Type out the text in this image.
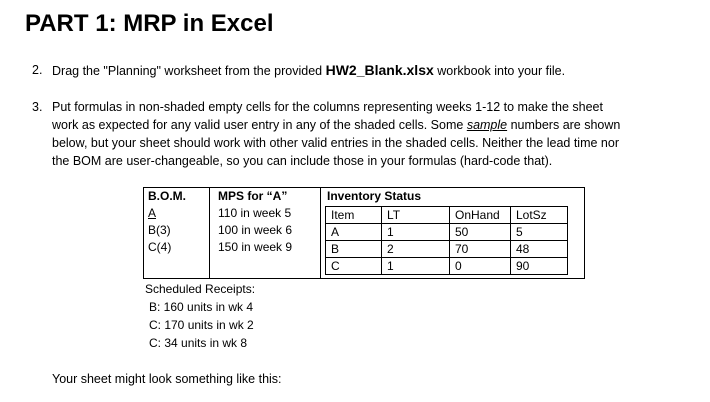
PART 1: MRP in Excel
2. Drag the "Planning" worksheet from the provided HW2_Blank.xlsx workbook into your file.
3. Put formulas in non-shaded empty cells for the columns representing weeks 1-12 to make the sheet
work as expected for any valid user entry in any of the shaded cells. Some sample numbers are shown
below, but your sheet should work with other valid entries in the shaded cells. Neither the lead time nor
the BOM are user-changeable, so you can include those in your formulas (hard-code that).
B.O.M.
A
B(3)
C(4)
MPS for “A”
110 in week 5
100 in week 6
150 in week 9
Inventory Status
Item	LT	OnHand	LotSz
A	1	50	5
B	2	70	48
C	1	0	90
Scheduled Receipts:
B: 160 units in wk 4
C: 170 units in wk 2
C: 34 units in wk 8
Your sheet might look something like this:
